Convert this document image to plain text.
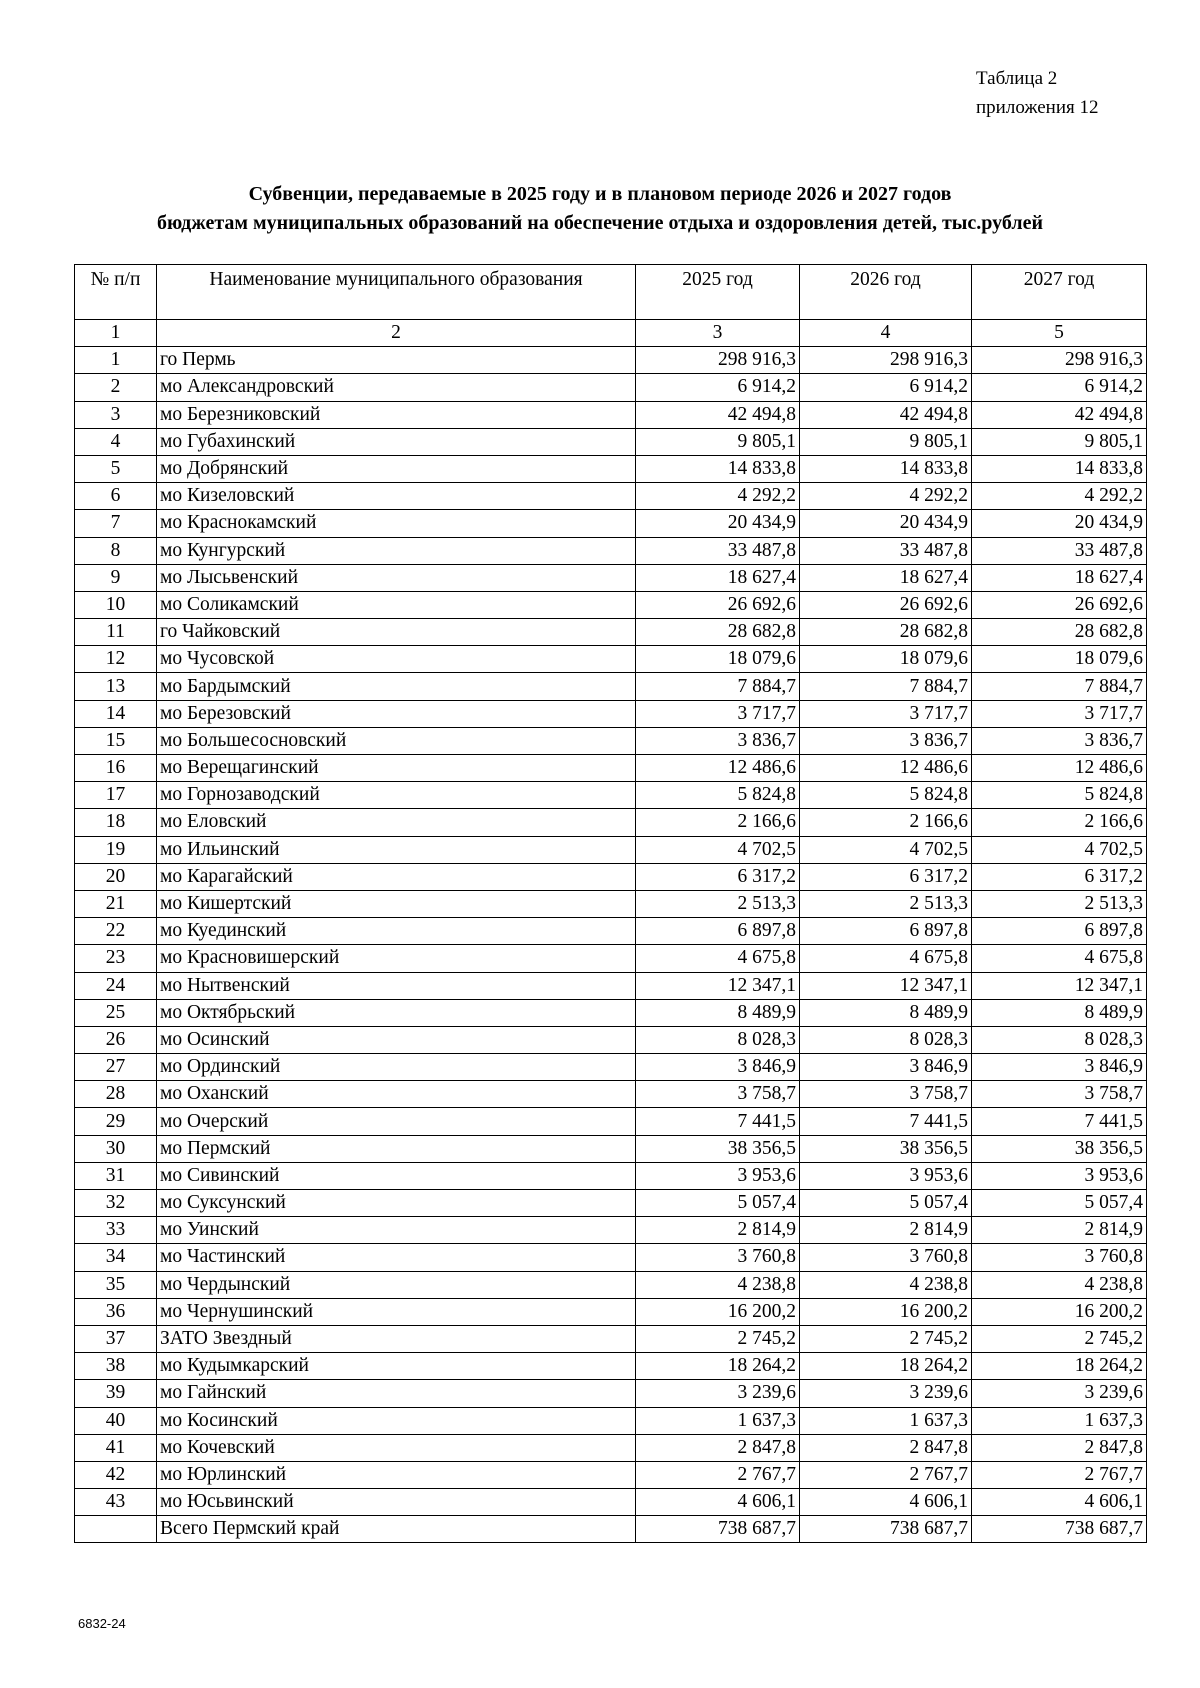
Таблица 2
приложения 12
Субвенции, передаваемые в 2025 году и в плановом периоде 2026 и 2027 годов
бюджетам муниципальных образований на обеспечение отдыха и оздоровления детей, тыс.рублей
№ п/п	Наименование муниципального образования	2025 год	2026 год	2027 год
1	2	3	4	5
1	го Пермь	298 916,3	298 916,3	298 916,3
2	мо Александровский	6 914,2	6 914,2	6 914,2
3	мо Березниковский	42 494,8	42 494,8	42 494,8
4	мо Губахинский	9 805,1	9 805,1	9 805,1
5	мо Добрянский	14 833,8	14 833,8	14 833,8
6	мо Кизеловский	4 292,2	4 292,2	4 292,2
7	мо Краснокамский	20 434,9	20 434,9	20 434,9
8	мо Кунгурский	33 487,8	33 487,8	33 487,8
9	мо Лысьвенский	18 627,4	18 627,4	18 627,4
10	мо Соликамский	26 692,6	26 692,6	26 692,6
11	го Чайковский	28 682,8	28 682,8	28 682,8
12	мо Чусовской	18 079,6	18 079,6	18 079,6
13	мо Бардымский	7 884,7	7 884,7	7 884,7
14	мо Березовский	3 717,7	3 717,7	3 717,7
15	мо Большесосновский	3 836,7	3 836,7	3 836,7
16	мо Верещагинский	12 486,6	12 486,6	12 486,6
17	мо Горнозаводский	5 824,8	5 824,8	5 824,8
18	мо Еловский	2 166,6	2 166,6	2 166,6
19	мо Ильинский	4 702,5	4 702,5	4 702,5
20	мо Карагайский	6 317,2	6 317,2	6 317,2
21	мо Кишертский	2 513,3	2 513,3	2 513,3
22	мо Куединский	6 897,8	6 897,8	6 897,8
23	мо Красновишерский	4 675,8	4 675,8	4 675,8
24	мо Нытвенский	12 347,1	12 347,1	12 347,1
25	мо Октябрьский	8 489,9	8 489,9	8 489,9
26	мо Осинский	8 028,3	8 028,3	8 028,3
27	мо Ординский	3 846,9	3 846,9	3 846,9
28	мо Оханский	3 758,7	3 758,7	3 758,7
29	мо Очерский	7 441,5	7 441,5	7 441,5
30	мо Пермский	38 356,5	38 356,5	38 356,5
31	мо Сивинский	3 953,6	3 953,6	3 953,6
32	мо Суксунский	5 057,4	5 057,4	5 057,4
33	мо Уинский	2 814,9	2 814,9	2 814,9
34	мо Частинский	3 760,8	3 760,8	3 760,8
35	мо Чердынский	4 238,8	4 238,8	4 238,8
36	мо Чернушинский	16 200,2	16 200,2	16 200,2
37	ЗАТО Звездный	2 745,2	2 745,2	2 745,2
38	мо Кудымкарский	18 264,2	18 264,2	18 264,2
39	мо Гайнский	3 239,6	3 239,6	3 239,6
40	мо Косинский	1 637,3	1 637,3	1 637,3
41	мо Кочевский	2 847,8	2 847,8	2 847,8
42	мо Юрлинский	2 767,7	2 767,7	2 767,7
43	мо Юсьвинский	4 606,1	4 606,1	4 606,1
	Всего Пермский край	738 687,7	738 687,7	738 687,7
6832-24
